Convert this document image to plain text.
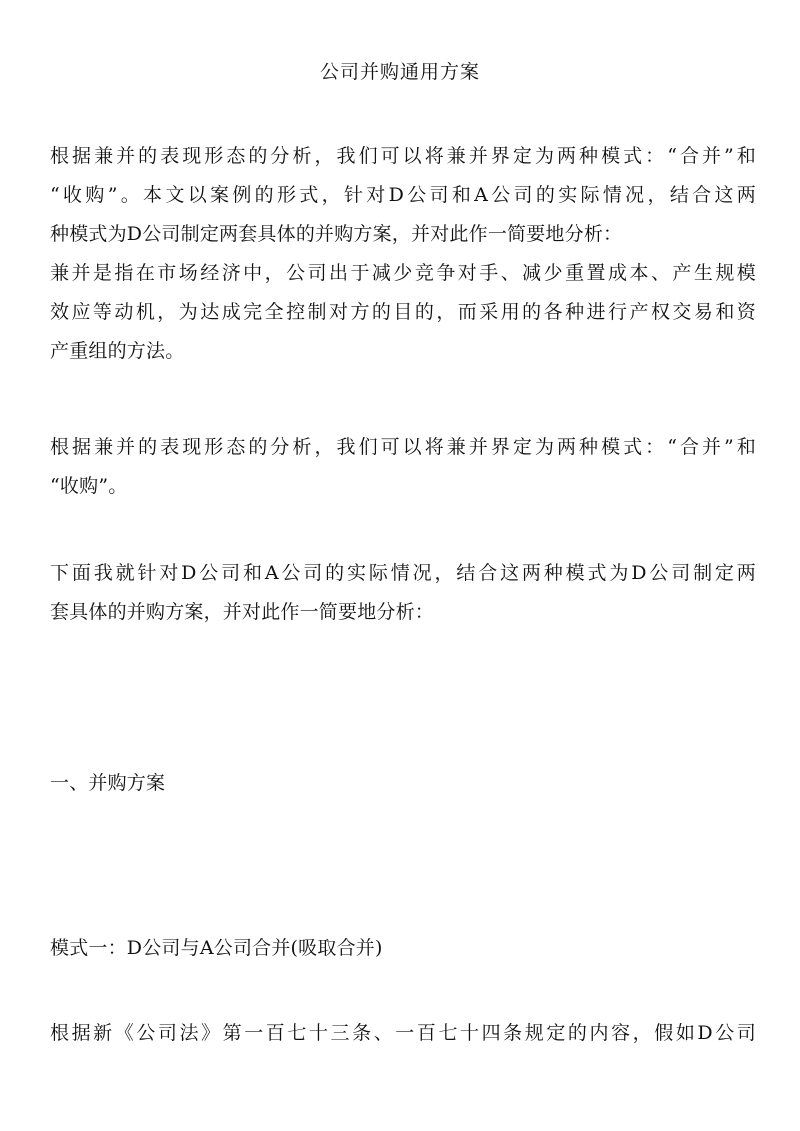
公司并购通用方案
根据兼并的表现形态的分析，我们可以将兼并界定为两种模式：“合并”和
“收购”。本文以案例的形式，针对D公司和A公司的实际情况，结合这两
种模式为D公司制定两套具体的并购方案，并对此作一简要地分析：
兼并是指在市场经济中，公司出于减少竞争对手、减少重置成本、产生规模
效应等动机，为达成完全控制对方的目的，而采用的各种进行产权交易和资
产重组的方法。
根据兼并的表现形态的分析，我们可以将兼并界定为两种模式：“合并”和
“收购”。
下面我就针对D公司和A公司的实际情况，结合这两种模式为D公司制定两
套具体的并购方案，并对此作一简要地分析：
一、并购方案
模式一：D公司与A公司合并(吸取合并)
根据新《公司法》第一百七十三条、一百七十四条规定的内容，假如D公司
